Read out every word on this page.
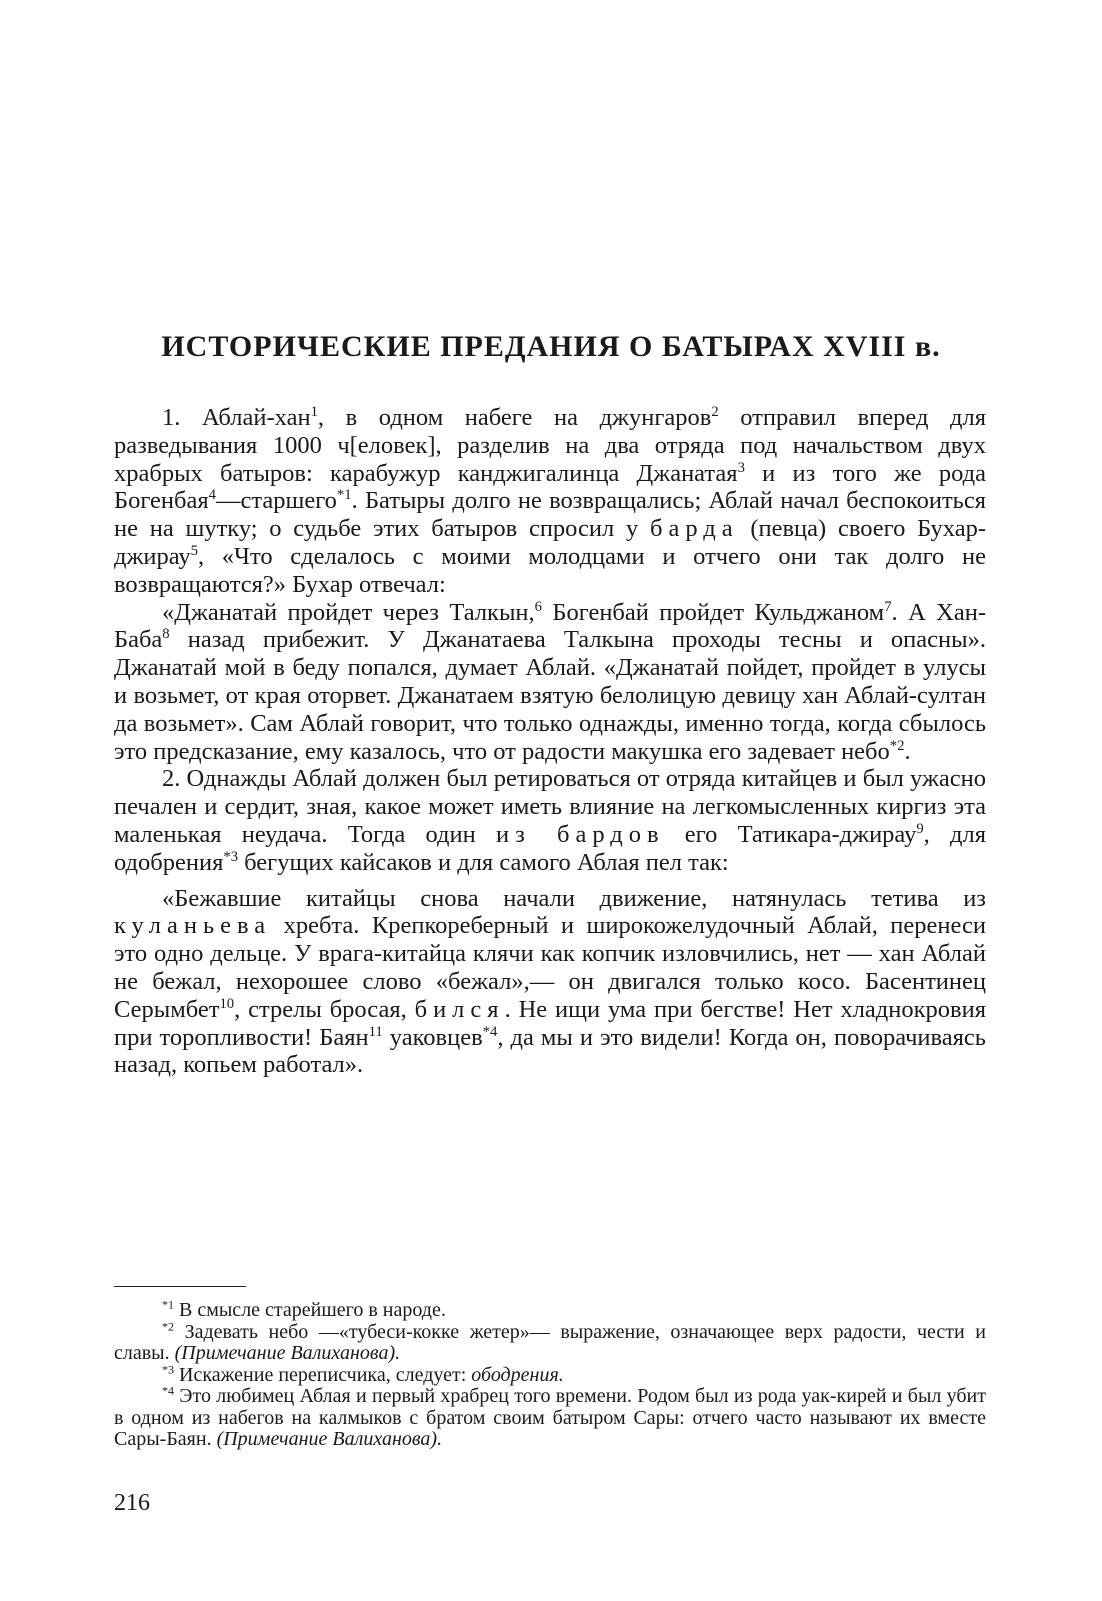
ИСТОРИЧЕСКИЕ ПРЕДАНИЯ О БАТЫРАХ XVIII в.

1. Аблай-хан$^1$, в одном набеге на джунгаров$^2$ отправил вперед для разведывания 1000 ч[еловек], разделив на два отряда под начальством двух храбрых батыров: карабужур канджигалинца Джанатая$^3$ и из того же рода Богенбая$^4$—старшего$^{*1}$. Батыры долго не возвращались; Аблай начал беспокоиться не на шутку; о судьбе этих батыров спросил у барда (певца) своего Бухар-джирау$^5$, «Что сделалось с моими молодцами и отчего они так долго не возвращаются?» Бухар отвечал:

«Джанатай пройдет через Талкын,$^6$ Богенбай пройдет Кульджаном$^7$. А Хан-Баба$^8$ назад прибежит. У Джанатаева Талкына проходы тесны и опасны». Джанатай мой в беду попался, думает Аблай. «Джанатай пойдет, пройдет в улусы и возьмет, от края оторвет. Джанатаем взятую белолицую девицу хан Аблай-султан да возьмет». Сам Аблай говорит, что только однажды, именно тогда, когда сбылось это предсказание, ему казалось, что от радости макушка его задевает небо$^{*2}$.

2. Однажды Аблай должен был ретироваться от отряда китайцев и был ужасно печален и сердит, зная, какое может иметь влияние на легкомысленных киргиз эта маленькая неудача. Тогда один из бардов его Татикара-джирау$^9$, для одобрения$^{*3}$ бегущих кайсаков и для самого Аблая пел так:

«Бежавшие китайцы снова начали движение, натянулась тетива из куланьева хребта. Крепкореберный и широкожелудочный Аблай, перенеси это одно дельце. У врага-китайца клячи как копчик изловчились, нет — хан Аблай не бежал, нехорошее слово «бежал»,— он двигался только косо. Басентинец Серымбет$^{10}$, стрелы бросая, бился. Не ищи ума при бегстве! Нет хладнокровия при торопливости! Баян$^{11}$ уаковцев$^{*4}$, да мы и это видели! Когда он, поворачиваясь назад, копьем работал».

$^{*1}$ В смысле старейшего в народе.

$^{*2}$ Задевать небо —«тубеси-кокке жетер»— выражение, означающее верх радости, чести и славы. (Примечание Валиханова).

$^{*3}$ Искажение переписчика, следует: ободрения.

$^{*4}$ Это любимец Аблая и первый храбрец того времени. Родом был из рода уак-кирей и был убит в одном из набегов на калмыков с братом своим батыром Сары: отчего часто называют их вместе Сары-Баян. (Примечание Валиханова).

216
